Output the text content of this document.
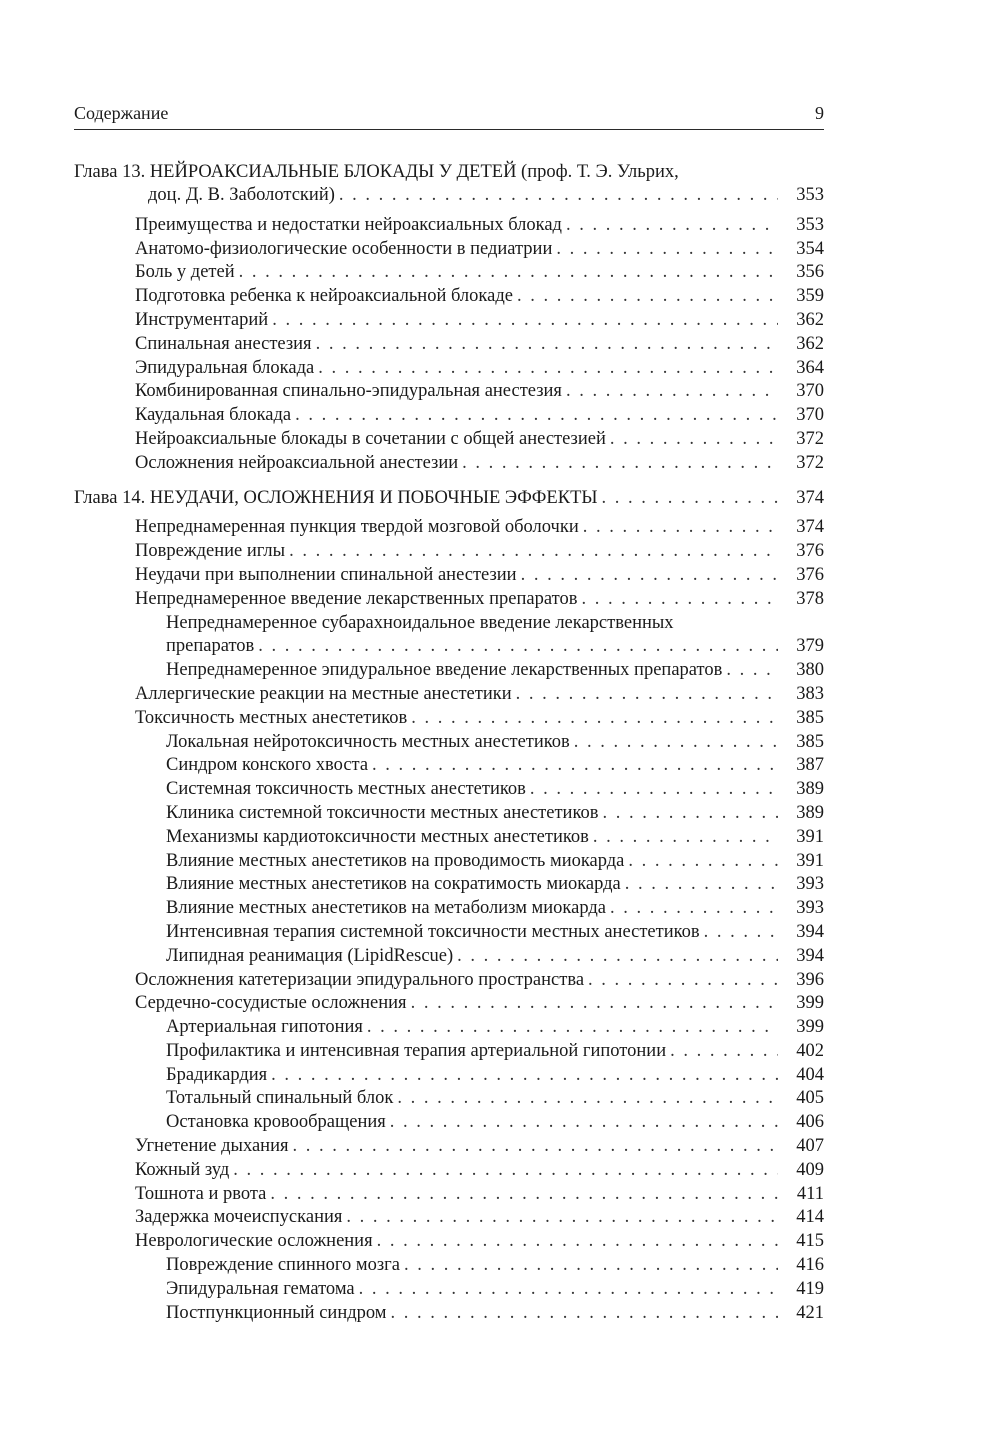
Содержание	9
Глава 13. НЕЙРОАКСИАЛЬНЫЕ БЛОКАДЫ У ДЕТЕЙ (проф. Т. Э. Ульрих,
доц. Д. В. Заболотский) . . .	353
Преимущества и недостатки нейроаксиальных блокад . . .	353
Анатомо-физиологические особенности в педиатрии . . .	354
Боль у детей . . .	356
Подготовка ребенка к нейроаксиальной блокаде . . .	359
Инструментарий . . .	362
Спинальная анестезия . . .	362
Эпидуральная блокада . . .	364
Комбинированная спинально-эпидуральная анестезия . . .	370
Каудальная блокада . . .	370
Нейроаксиальные блокады в сочетании с общей анестезией . . .	372
Осложнения нейроаксиальной анестезии . . .	372
Глава 14. НЕУДАЧИ, ОСЛОЖНЕНИЯ И ПОБОЧНЫЕ ЭФФЕКТЫ . . .	374
Непреднамеренная пункция твердой мозговой оболочки . . .	374
Повреждение иглы . . .	376
Неудачи при выполнении спинальной анестезии . . .	376
Непреднамеренное введение лекарственных препаратов . . .	378
Непреднамеренное субарахноидальное введение лекарственных
препаратов . . .	379
Непреднамеренное эпидуральное введение лекарственных препаратов . . .	380
Аллергические реакции на местные анестетики . . .	383
Токсичность местных анестетиков . . .	385
Локальная нейротоксичность местных анестетиков . . .	385
Синдром конского хвоста . . .	387
Системная токсичность местных анестетиков . . .	389
Клиника системной токсичности местных анестетиков . . .	389
Механизмы кардиотоксичности местных анестетиков . . .	391
Влияние местных анестетиков на проводимость миокарда . . .	391
Влияние местных анестетиков на сократимость миокарда . . .	393
Влияние местных анестетиков на метаболизм миокарда . . .	393
Интенсивная терапия системной токсичности местных анестетиков . . .	394
Липидная реанимация (LipidRescue) . . .	394
Осложнения катетеризации эпидурального пространства . . .	396
Сердечно-сосудистые осложнения . . .	399
Артериальная гипотония . . .	399
Профилактика и интенсивная терапия артериальной гипотонии . . .	402
Брадикардия . . .	404
Тотальный спинальный блок . . .	405
Остановка кровообращения . . .	406
Угнетение дыхания . . .	407
Кожный зуд . . .	409
Тошнота и рвота . . .	411
Задержка мочеиспускания . . .	414
Неврологические осложнения . . .	415
Повреждение спинного мозга . . .	416
Эпидуральная гематома . . .	419
Постпункционный синдром . . .	421
